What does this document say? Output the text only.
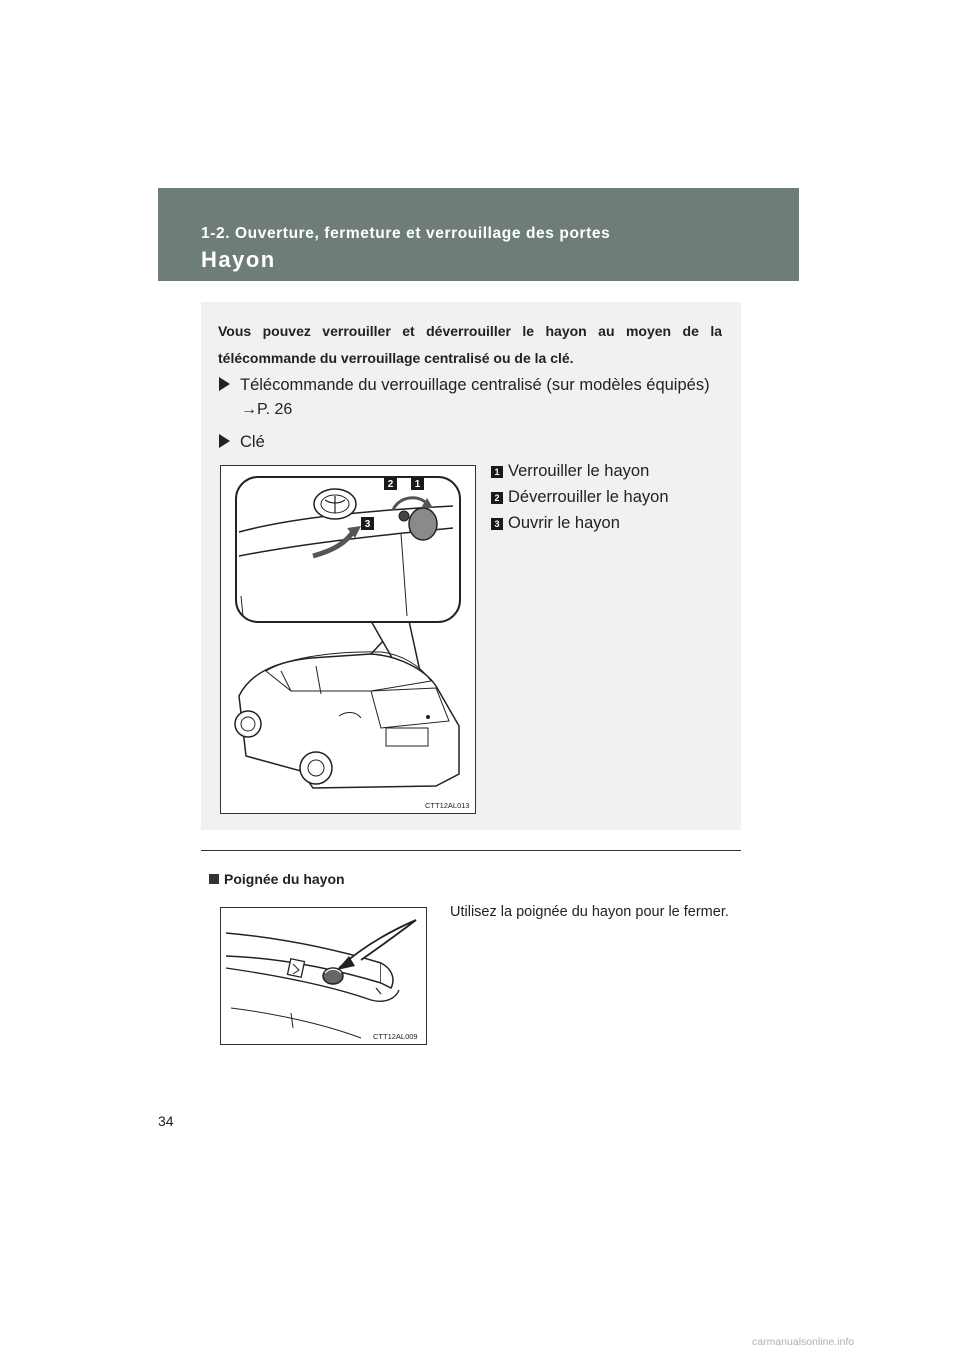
1-2. Ouverture, fermeture et verrouillage des portes
Hayon
Vous pouvez verrouiller et déverrouiller le hayon au moyen de la télécommande du verrouillage centralisé ou de la clé.
Télécommande du verrouillage centralisé (sur modèles équipés)
→P. 26
Clé
2 1
3
CTT12AL013
1 Verrouiller le hayon
2 Déverrouiller le hayon
3 Ouvrir le hayon
Poignée du hayon
CTT12AL009
Utilisez la poignée du hayon pour le fermer.
34
carmanualsonline.info
